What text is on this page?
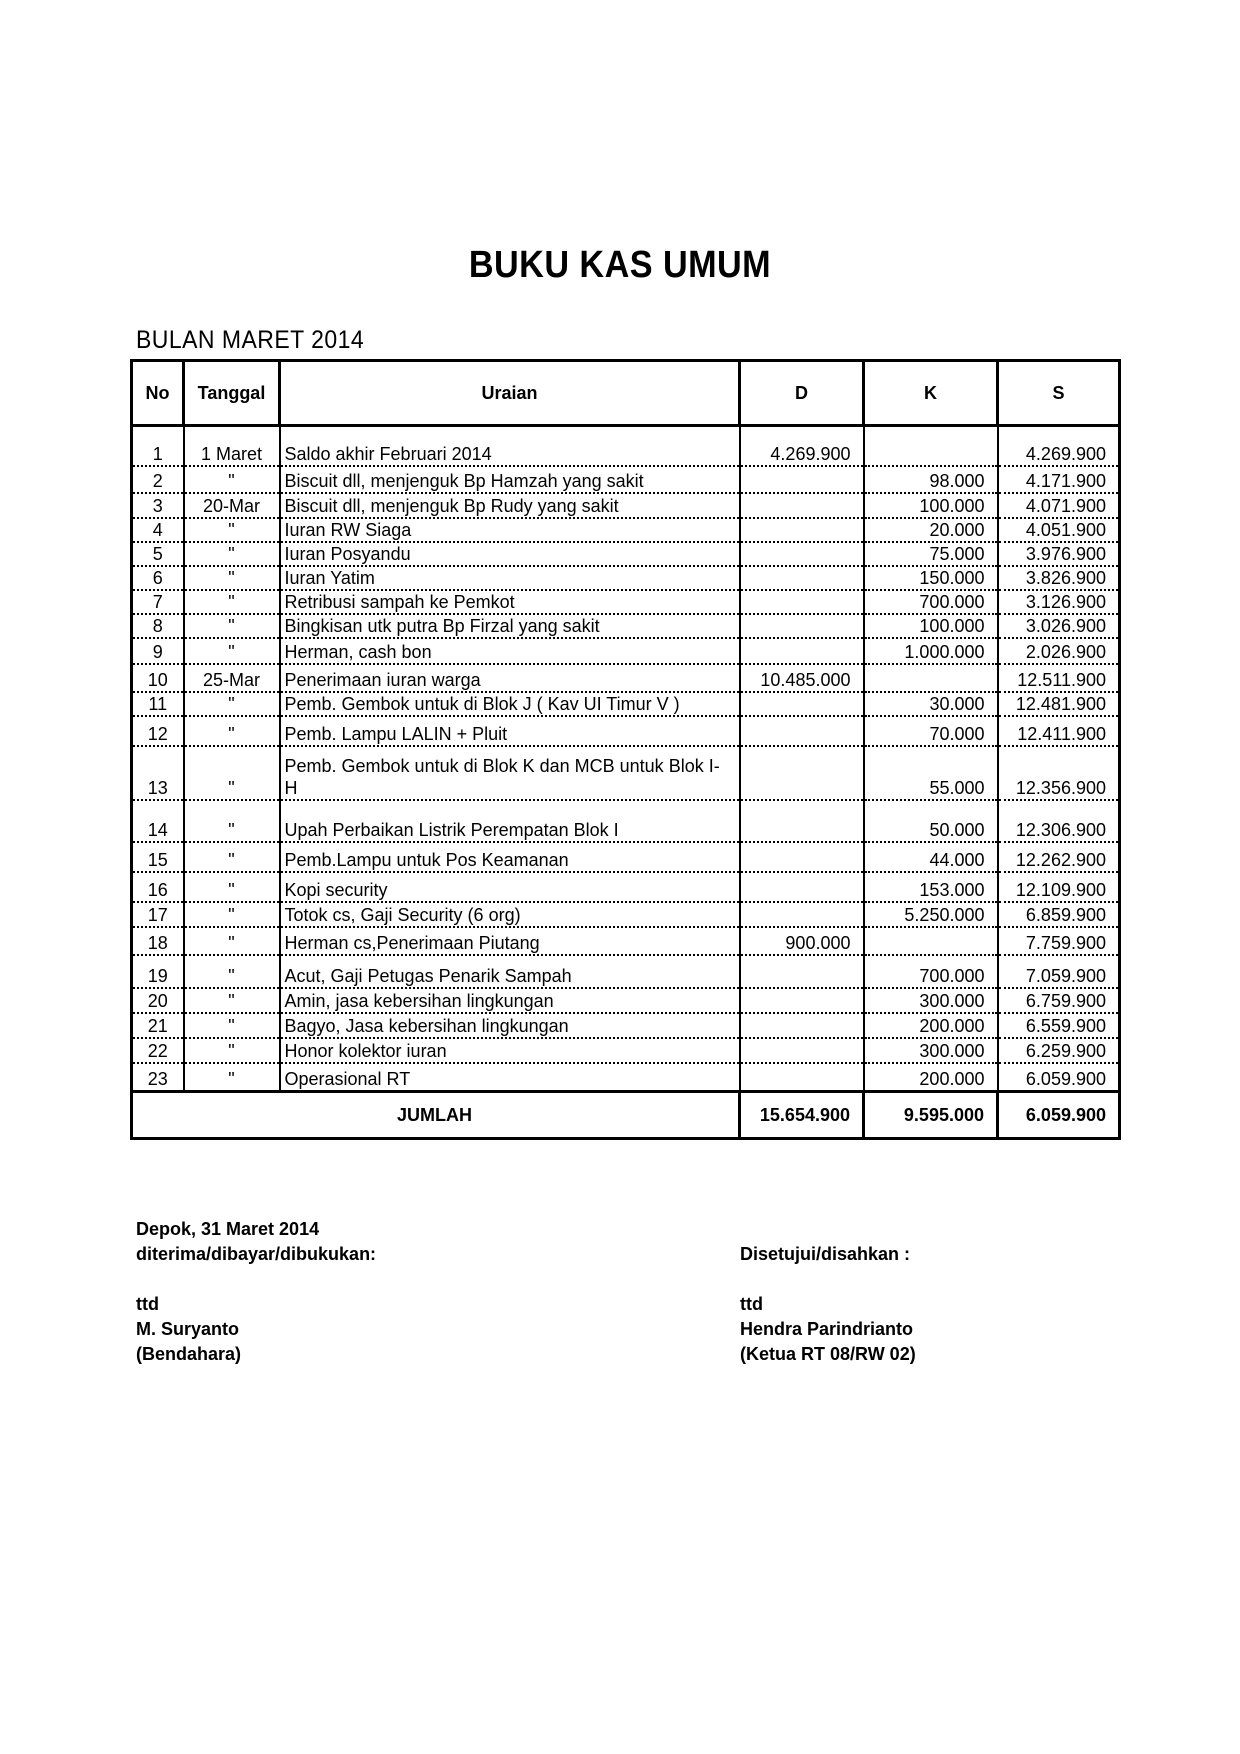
BUKU KAS UMUM
BULAN MARET 2014
No	Tanggal	Uraian	D	K	S
1	1 Maret	Saldo akhir Februari 2014	4.269.900		4.269.900
2	"	Biscuit dll, menjenguk Bp Hamzah yang sakit		98.000	4.171.900
3	20-Mar	Biscuit dll, menjenguk Bp Rudy yang sakit		100.000	4.071.900
4	"	Iuran RW Siaga		20.000	4.051.900
5	"	Iuran Posyandu		75.000	3.976.900
6	"	Iuran Yatim		150.000	3.826.900
7	"	Retribusi sampah ke Pemkot		700.000	3.126.900
8	"	Bingkisan utk putra Bp Firzal yang sakit		100.000	3.026.900
9	"	Herman, cash bon		1.000.000	2.026.900
10	25-Mar	Penerimaan iuran warga	10.485.000		12.511.900
11	"	Pemb. Gembok untuk di Blok J ( Kav UI Timur V )		30.000	12.481.900
12	"	Pemb. Lampu LALIN + Pluit		70.000	12.411.900
13	"	Pemb. Gembok untuk di Blok K dan MCB untuk Blok I-H		55.000	12.356.900
14	"	Upah Perbaikan Listrik Perempatan Blok I		50.000	12.306.900
15	"	Pemb.Lampu untuk Pos Keamanan		44.000	12.262.900
16	"	Kopi security		153.000	12.109.900
17	"	Totok cs, Gaji Security (6 org)		5.250.000	6.859.900
18	"	Herman cs,Penerimaan Piutang	900.000		7.759.900
19	"	Acut, Gaji Petugas Penarik Sampah		700.000	7.059.900
20	"	Amin, jasa kebersihan lingkungan		300.000	6.759.900
21	"	Bagyo, Jasa kebersihan lingkungan		200.000	6.559.900
22	"	Honor kolektor iuran		300.000	6.259.900
23	"	Operasional RT		200.000	6.059.900
JUMLAH			15.654.900	9.595.000	6.059.900
Depok, 31 Maret 2014
diterima/dibayar/dibukukan:
ttd
M. Suryanto
(Bendahara)
Disetujui/disahkan :
ttd
Hendra Parindrianto
(Ketua RT 08/RW 02)
